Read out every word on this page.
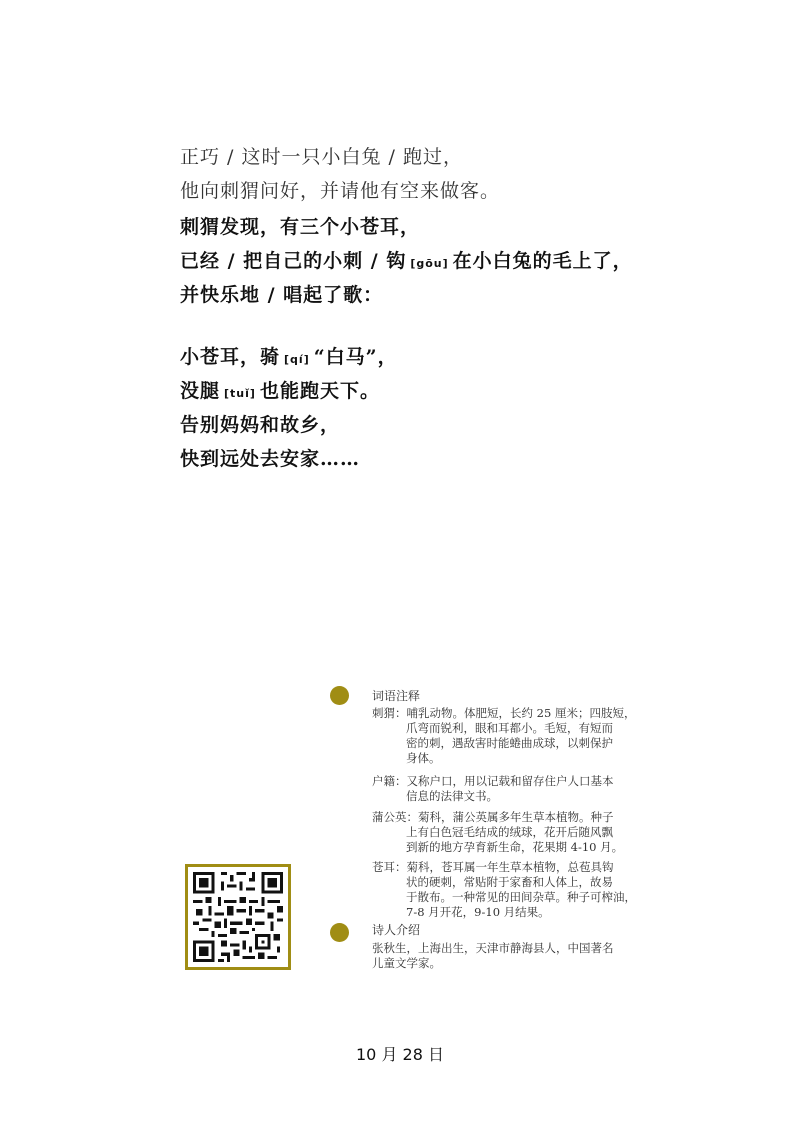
正巧 / 这时一只小白兔 / 跑过，
他向刺猬问好，并请他有空来做客。
刺猬发现，有三个小苍耳，
已经 / 把自己的小刺 / 钩 [gōu] 在小白兔的毛上了，
并快乐地 / 唱起了歌：
小苍耳，骑 [qí] “白马”，
没腿 [tuǐ] 也能跑天下。
告别妈妈和故乡，
快到远处去安家……
词语注释
刺猬：哺乳动物。体肥短，长约 25 厘米；四肢短，
爪弯而锐利，眼和耳都小。毛短，有短而
密的刺，遇敌害时能蜷曲成球，以刺保护
身体。
户籍：又称户口，用以记载和留存住户人口基本
信息的法律文书。
蒲公英：菊科，蒲公英属多年生草本植物。种子
上有白色冠毛结成的绒球，花开后随风飘
到新的地方孕育新生命，花果期 4-10 月。
苍耳：菊科，苍耳属一年生草本植物，总苞具钩
状的硬刺，常贴附于家畜和人体上，故易
于散布。一种常见的田间杂草。种子可榨油，
7-8 月开花，9-10 月结果。
诗人介绍
张秋生，上海出生，天津市静海县人，中国著名
儿童文学家。
10 月 28 日
